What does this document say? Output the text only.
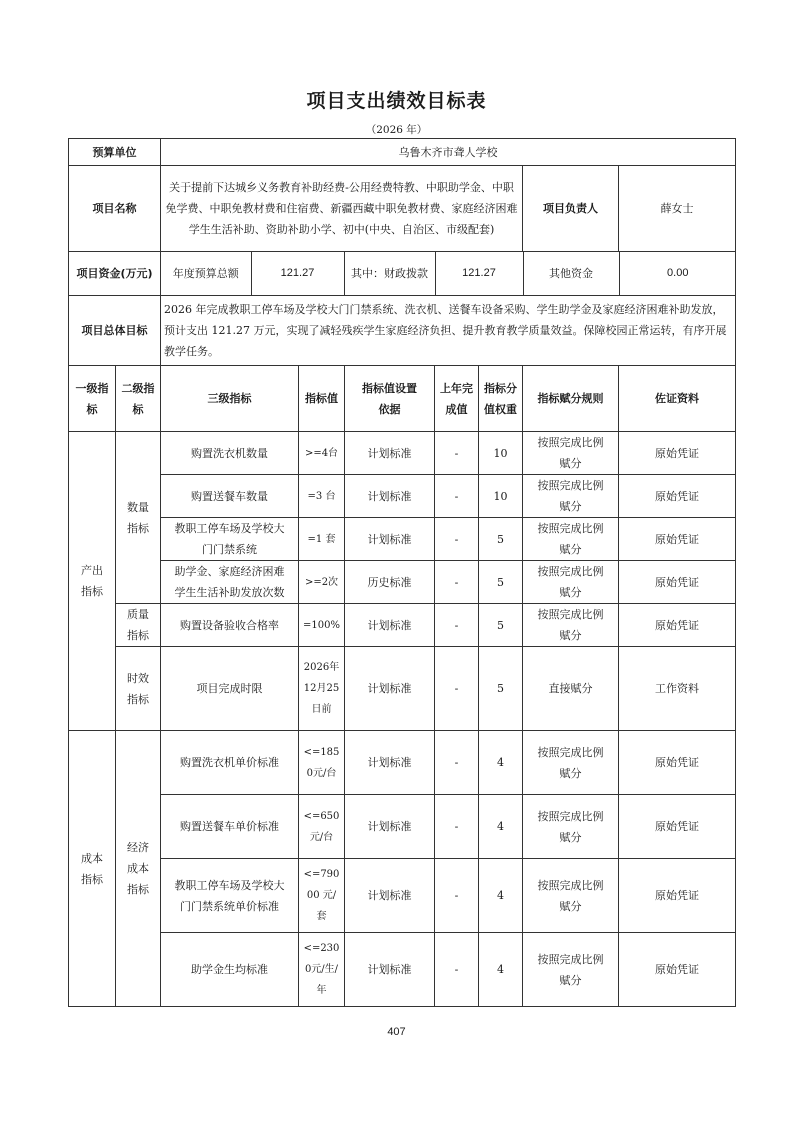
项目支出绩效目标表
（2026 年）
预算单位	乌鲁木齐市聋人学校
项目名称	关于提前下达城乡义务教育补助经费-公用经费特教、中职助学金、中职免学费、中职免教材费和住宿费、新疆西藏中职免教材费、家庭经济困难学生生活补助、资助补助小学、初中(中央、自治区、市级配套)	项目负责人	薛女士
项目资金(万元)	年度预算总额	121.27	其中：财政拨款	121.27	其他资金	0.00

项目总体目标	2026 年完成教职工停车场及学校大门门禁系统、洗衣机、送餐车设备采购、学生助学金及家庭经济困难补助发放，预计支出 121.27 万元，实现了减轻残疾学生家庭经济负担、提升教育教学质量效益。保障校园正常运转，有序开展教学任务。
一级指标	二级指标	三级指标	指标值	指标值设置依据	上年完成值	指标分值权重	指标赋分规则	佐证资料
产出指标	数量指标	购置洗衣机数量	>=4台	计划标准	-	10	按照完成比例赋分	原始凭证
购置送餐车数量	=3 台	计划标准	-	10	按照完成比例赋分	原始凭证
教职工停车场及学校大门门禁系统	=1 套	计划标准	-	5	按照完成比例赋分	原始凭证
助学金、家庭经济困难学生生活补助发放次数	>=2次	历史标准	-	5	按照完成比例赋分	原始凭证
质量指标	购置设备验收合格率	=100%	计划标准	-	5	按照完成比例赋分	原始凭证
时效指标	项目完成时限	2026年12月25日前	计划标准	-	5	直接赋分	工作资料
成本指标	经济成本指标	购置洗衣机单价标准	<=1850元/台	计划标准	-	4	按照完成比例赋分	原始凭证
购置送餐车单价标准	<=650元/台	计划标准	-	4	按照完成比例赋分	原始凭证
教职工停车场及学校大门门禁系统单价标准	<=79000 元/套	计划标准	-	4	按照完成比例赋分	原始凭证
助学金生均标准	<=2300元/生/年	计划标准	-	4	按照完成比例赋分	原始凭证
407
